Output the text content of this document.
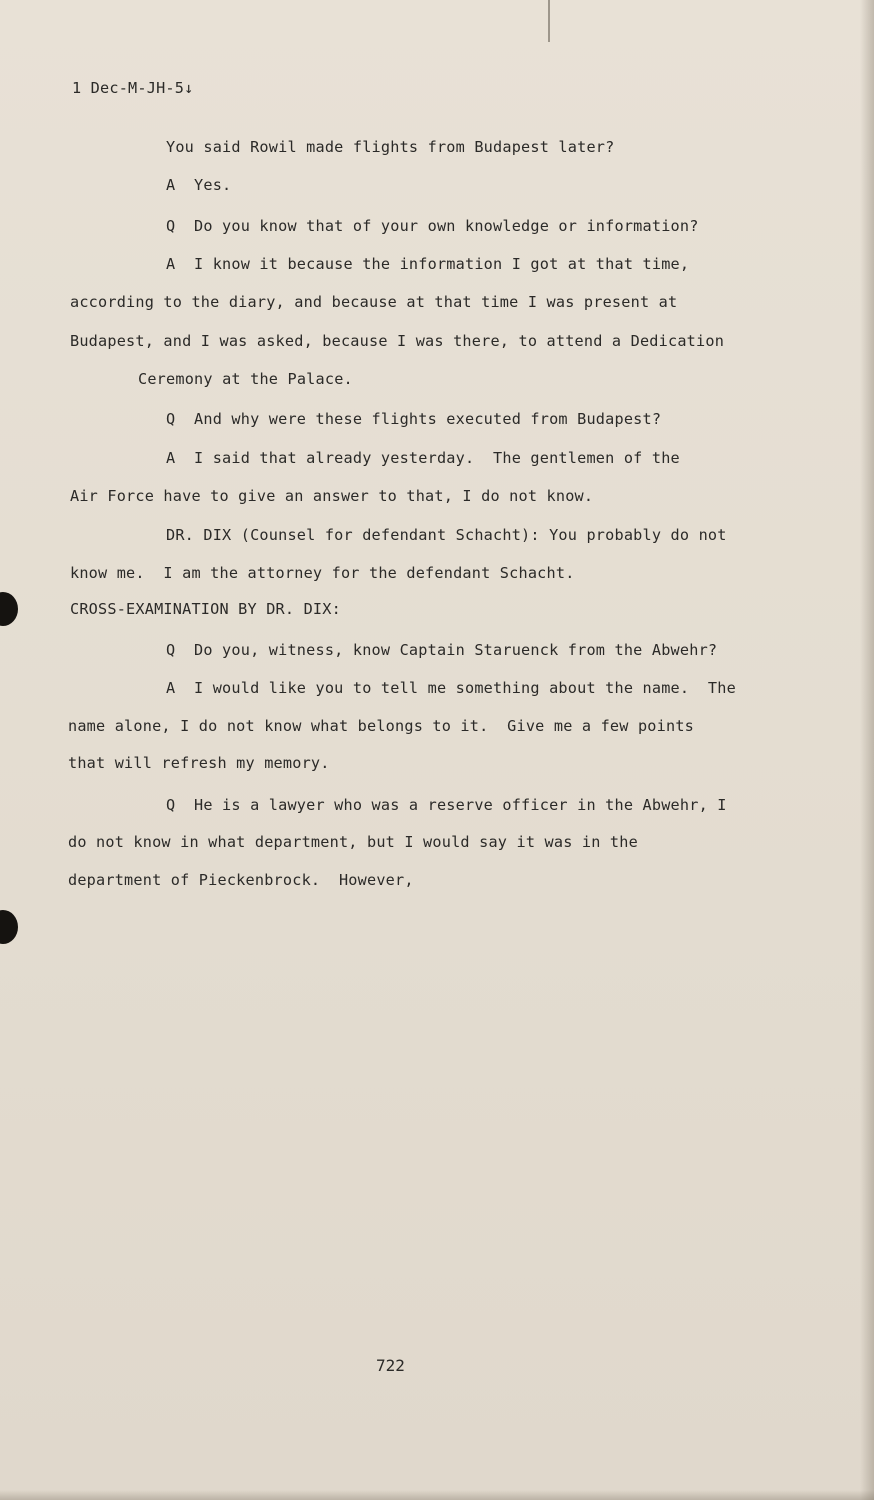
1 Dec-M-JH-5↓
You said Rowil made flights from Budapest later?
A  Yes.
Q  Do you know that of your own knowledge or information?
A  I know it because the information I got at that time,
according to the diary, and because at that time I was present at
Budapest, and I was asked, because I was there, to attend a Dedication
Ceremony at the Palace.
Q  And why were these flights executed from Budapest?
A  I said that already yesterday.  The gentlemen of the
Air Force have to give an answer to that, I do not know.
DR. DIX (Counsel for defendant Schacht): You probably do not
know me.  I am the attorney for the defendant Schacht.
CROSS-EXAMINATION BY DR. DIX:
Q  Do you, witness, know Captain Staruenck from the Abwehr?
A  I would like you to tell me something about the name.  The
name alone, I do not know what belongs to it.  Give me a few points
that will refresh my memory.
Q  He is a lawyer who was a reserve officer in the Abwehr, I
do not know in what department, but I would say it was in the
department of Pieckenbrock.  However,
722
